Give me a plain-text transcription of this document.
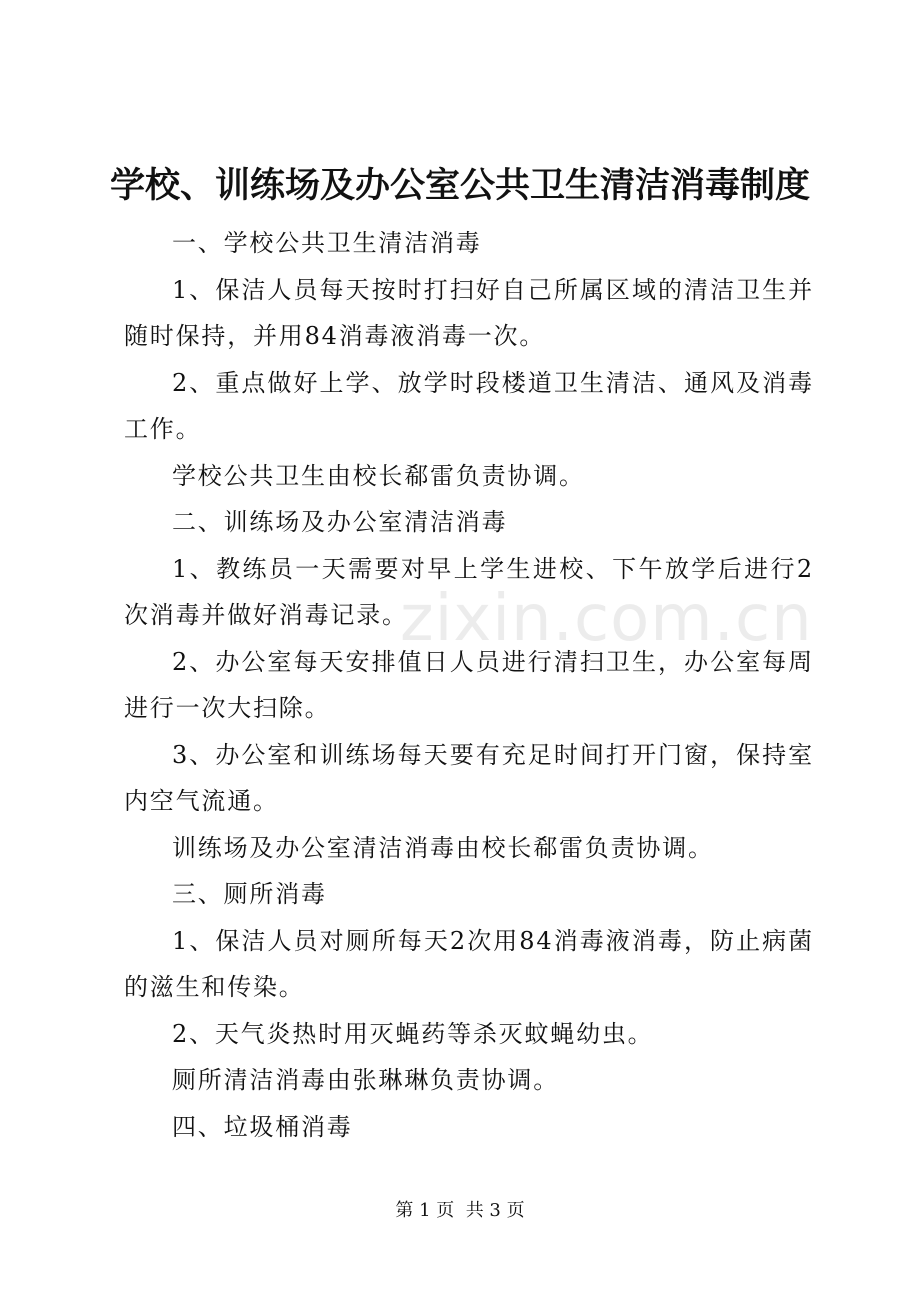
学校、训练场及办公室公共卫生清洁消毒制度

一、学校公共卫生清洁消毒

1、保洁人员每天按时打扫好自己所属区域的清洁卫生并随时保持，并用84消毒液消毒一次。

2、重点做好上学、放学时段楼道卫生清洁、通风及消毒工作。

学校公共卫生由校长郗雷负责协调。

二、训练场及办公室清洁消毒

1、教练员一天需要对早上学生进校、下午放学后进行2次消毒并做好消毒记录。

2、办公室每天安排值日人员进行清扫卫生，办公室每周进行一次大扫除。

3、办公室和训练场每天要有充足时间打开门窗，保持室内空气流通。

训练场及办公室清洁消毒由校长郗雷负责协调。

三、厕所消毒

1、保洁人员对厕所每天2次用84消毒液消毒，防止病菌的滋生和传染。

2、天气炎热时用灭蝇药等杀灭蚊蝇幼虫。

厕所清洁消毒由张琳琳负责协调。

四、垃圾桶消毒

zixin.com.cn
第 1 页  共 3 页
